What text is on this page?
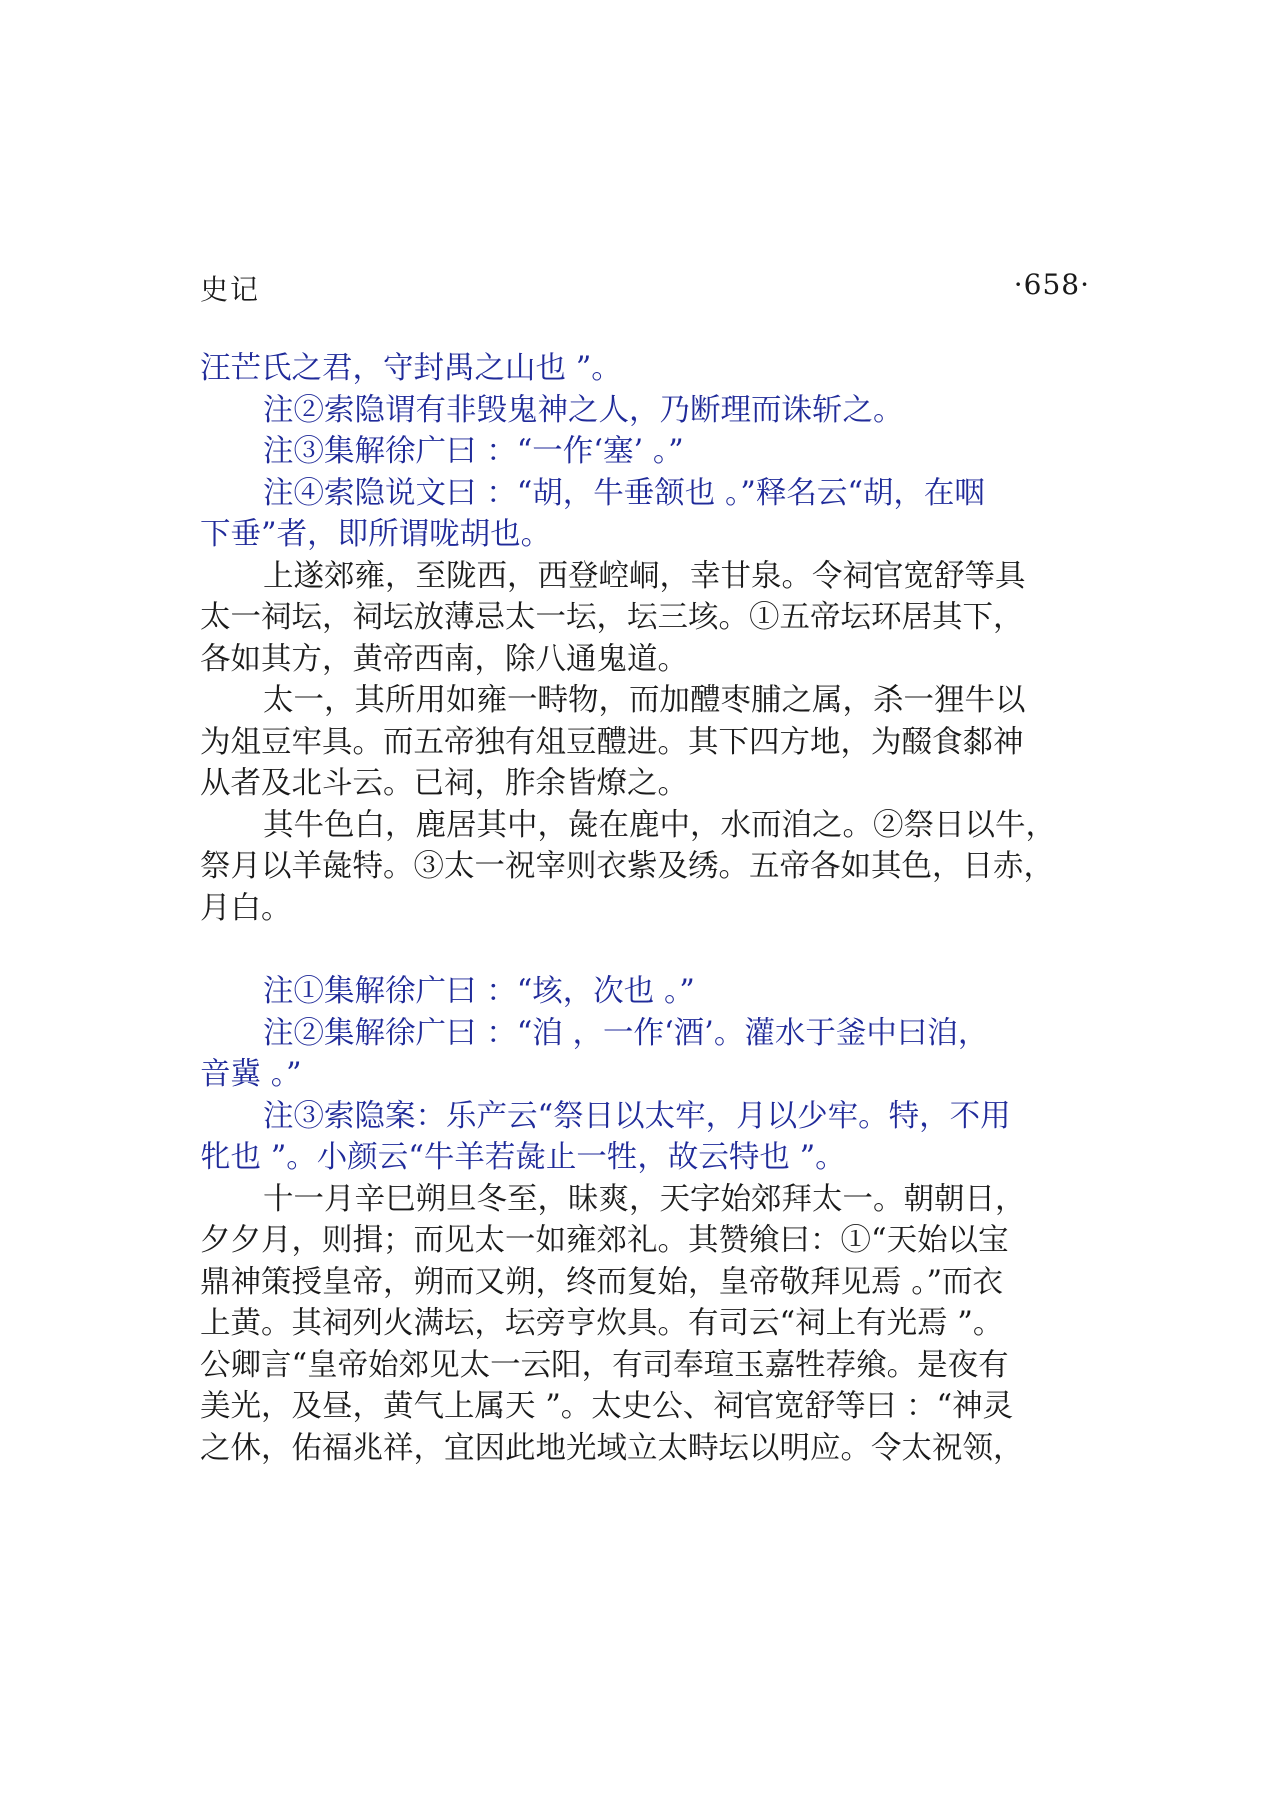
史记	·658·
汪芒氏之君，守封禺之山也 ”。
注②索隐谓有非毁鬼神之人，乃断理而诛斩之。
注③集解徐广曰 ：“一作‘塞’ 。”
注④索隐说文曰 ：“胡，牛垂颔也 。”释名云“胡，在咽
下垂”者，即所谓咙胡也。
上遂郊雍，至陇西，西登崆峒，幸甘泉。令祠官宽舒等具
太一祠坛，祠坛放薄忌太一坛，坛三垓。①五帝坛环居其下，
各如其方，黄帝西南，除八通鬼道。
太一，其所用如雍一畤物，而加醴枣脯之属，杀一狸牛以
为俎豆牢具。而五帝独有俎豆醴进。其下四方地，为醊食䣛神
从者及北斗云。已祠，胙余皆燎之。
其牛色白，鹿居其中，彘在鹿中，水而洎之。②祭日以牛，
祭月以羊彘特。③太一祝宰则衣紫及绣。五帝各如其色，日赤，
月白。
注①集解徐广曰 ：“垓，次也 。”
注②集解徐广曰 ：“洎 ，一作‘酒’。灌水于釜中曰洎，
音冀 。”
注③索隐案：乐产云“祭日以太牢，月以少牢。特，不用
牝也 ”。小颜云“牛羊若彘止一牲，故云特也 ”。
十一月辛巳朔旦冬至，昧爽，天字始郊拜太一。朝朝日，
夕夕月，则揖；而见太一如雍郊礼。其赞飨曰：①“天始以宝
鼎神策授皇帝，朔而又朔，终而复始，皇帝敬拜见焉 。”而衣
上黄。其祠列火满坛，坛旁亨炊具。有司云“祠上有光焉 ”。
公卿言“皇帝始郊见太一云阳，有司奉瑄玉嘉牲荐飨。是夜有
美光，及昼，黄气上属天 ”。太史公、祠官宽舒等曰 ：“神灵
之休，佑福兆祥，宜因此地光域立太畤坛以明应。令太祝领，
